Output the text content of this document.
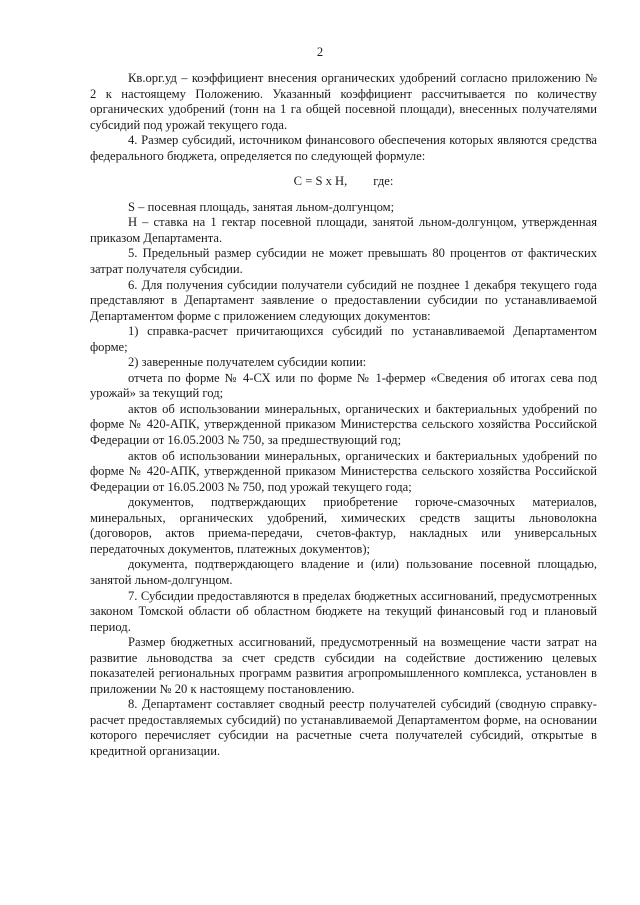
2

Кв.орг.уд – коэффициент внесения органических удобрений согласно приложению № 2 к настоящему Положению. Указанный коэффициент рассчитывается по количеству органических удобрений (тонн на 1 га общей посевной площади), внесенных получателями субсидий под урожай текущего года.

4. Размер субсидий, источником финансового обеспечения которых являются средства федерального бюджета, определяется по следующей формуле:

C = S x H, где:

S – посевная площадь, занятая льном-долгунцом;

Н – ставка на 1 гектар посевной площади, занятой льном-долгунцом, утвержденная приказом Департамента.

5. Предельный размер субсидии не может превышать 80 процентов от фактических затрат получателя субсидии.

6. Для получения субсидии получатели субсидий не позднее 1 декабря текущего года представляют в Департамент заявление о предоставлении субсидии по устанавливаемой Департаментом форме с приложением следующих документов:

1) справка-расчет причитающихся субсидий по устанавливаемой Департаментом форме;

2) заверенные получателем субсидии копии:

отчета по форме № 4-СХ или по форме № 1-фермер «Сведения об итогах сева под урожай» за текущий год;

актов об использовании минеральных, органических и бактериальных удобрений по форме № 420-АПК, утвержденной приказом Министерства сельского хозяйства Российской Федерации от 16.05.2003 № 750, за предшествующий год;

актов об использовании минеральных, органических и бактериальных удобрений по форме № 420-АПК, утвержденной приказом Министерства сельского хозяйства Российской Федерации от 16.05.2003 № 750, под урожай текущего года;

документов, подтверждающих приобретение горюче-смазочных материалов, минеральных, органических удобрений, химических средств защиты льноволокна (договоров, актов приема-передачи, счетов-фактур, накладных или универсальных передаточных документов, платежных документов);

документа, подтверждающего владение и (или) пользование посевной площадью, занятой льном-долгунцом.

7. Субсидии предоставляются в пределах бюджетных ассигнований, предусмотренных законом Томской области об областном бюджете на текущий финансовый год и плановый период.

Размер бюджетных ассигнований, предусмотренный на возмещение части затрат на развитие льноводства за счет средств субсидии на содействие достижению целевых показателей региональных программ развития агропромышленного комплекса, установлен в приложении № 20 к настоящему постановлению.

8. Департамент составляет сводный реестр получателей субсидий (сводную справку-расчет предоставляемых субсидий) по устанавливаемой Департаментом форме, на основании которого перечисляет субсидии на расчетные счета получателей субсидий, открытые в кредитной организации.
